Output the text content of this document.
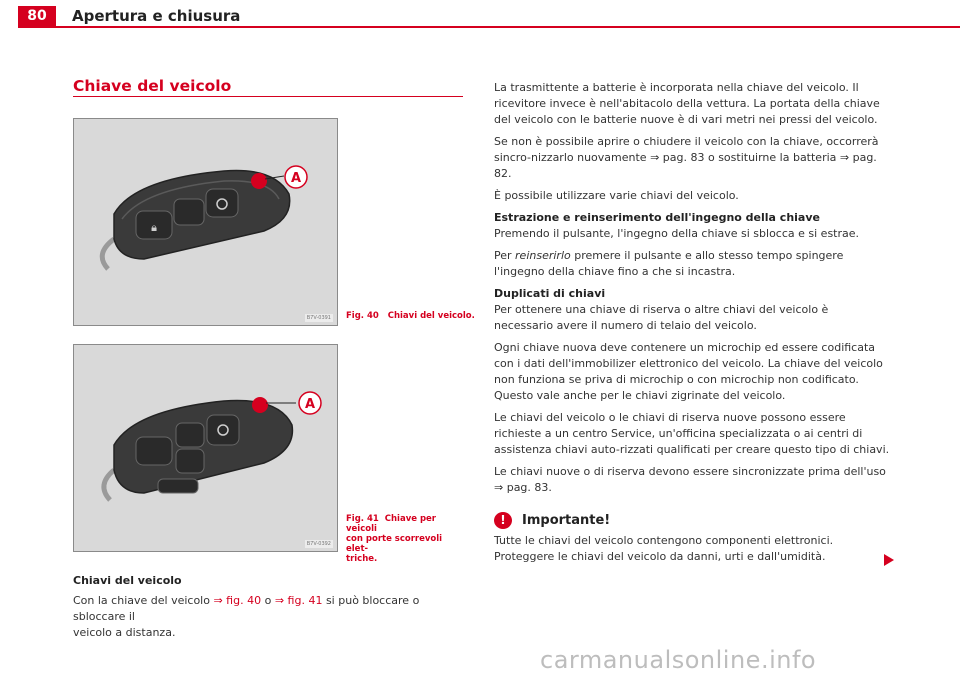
80	Apertura e chiusura
Chiave del veicolo
🔒︎
A
B7V-0391 Fig. 40 Chiavi del veicolo.
A
B7V-0392
Fig. 41 Chiave per veicoli
con porte scorrevoli elet-
triche.
Chiavi del veicolo
Con la chiave del veicolo ⇒ fig. 40 o ⇒ fig. 41 si può bloccare o sbloccare il
veicolo a distanza.

La trasmittente a batterie è incorporata nella chiave del veicolo. Il ricevitore invece è nell'abitacolo della vettura. La portata della chiave del veicolo con le batterie nuove è di vari metri nei pressi del veicolo.

Se non è possibile aprire o chiudere il veicolo con la chiave, occorrerà sincro-nizzarlo nuovamente ⇒ pag. 83 o sostituirne la batteria ⇒ pag. 82.

È possibile utilizzare varie chiavi del veicolo.

Estrazione e reinserimento dell'ingegno della chiave

Premendo il pulsante, l'ingegno della chiave si sblocca e si estrae.

Per reinserirlo premere il pulsante e allo stesso tempo spingere l'ingegno della chiave fino a che si incastra.

Duplicati di chiavi

Per ottenere una chiave di riserva o altre chiavi del veicolo è necessario avere il numero di telaio del veicolo.

Ogni chiave nuova deve contenere un microchip ed essere codificata con i dati dell'immobilizer elettronico del veicolo. La chiave del veicolo non funziona se priva di microchip o con microchip non codificato. Questo vale anche per le chiavi zigrinate del veicolo.

Le chiavi del veicolo o le chiavi di riserva nuove possono essere richieste a un centro Service, un'officina specializzata o ai centri di assistenza chiavi auto-rizzati qualificati per creare questo tipo di chiavi.

Le chiavi nuove o di riserva devono essere sincronizzate prima dell'uso ⇒ pag. 83.

!	Importante!
Tutte le chiavi del veicolo contengono componenti elettronici. Proteggere le chiavi del veicolo da danni, urti e dall'umidità.
carmanualsonline.info
